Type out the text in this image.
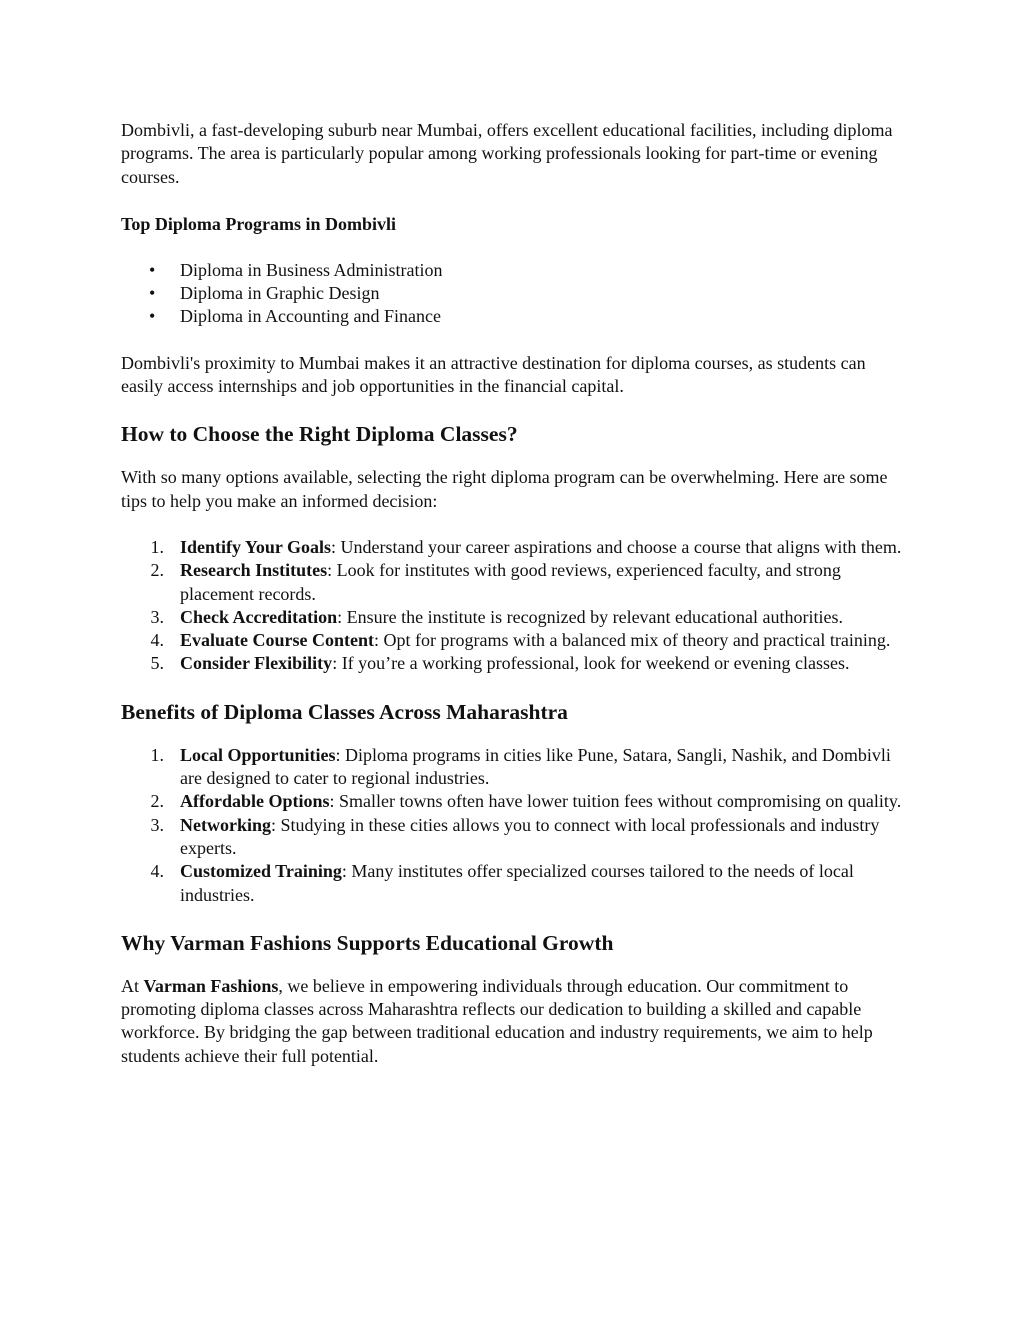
Dombivli, a fast-developing suburb near Mumbai, offers excellent educational facilities, including diploma programs. The area is particularly popular among working professionals looking for part-time or evening courses.

Top Diploma Programs in Dombivli

• Diploma in Business Administration
• Diploma in Graphic Design
• Diploma in Accounting and Finance

Dombivli's proximity to Mumbai makes it an attractive destination for diploma courses, as students can easily access internships and job opportunities in the financial capital.

How to Choose the Right Diploma Classes?

With so many options available, selecting the right diploma program can be overwhelming. Here are some tips to help you make an informed decision:

1. Identify Your Goals: Understand your career aspirations and choose a course that aligns with them.
2. Research Institutes: Look for institutes with good reviews, experienced faculty, and strong placement records.
3. Check Accreditation: Ensure the institute is recognized by relevant educational authorities.
4. Evaluate Course Content: Opt for programs with a balanced mix of theory and practical training.
5. Consider Flexibility: If you’re a working professional, look for weekend or evening classes.
Benefits of Diploma Classes Across Maharashtra
1. Local Opportunities: Diploma programs in cities like Pune, Satara, Sangli, Nashik, and Dombivli are designed to cater to regional industries.
2. Affordable Options: Smaller towns often have lower tuition fees without compromising on quality.
3. Networking: Studying in these cities allows you to connect with local professionals and industry experts.
4. Customized Training: Many institutes offer specialized courses tailored to the needs of local industries.
Why Varman Fashions Supports Educational Growth

At Varman Fashions, we believe in empowering individuals through education. Our commitment to promoting diploma classes across Maharashtra reflects our dedication to building a skilled and capable workforce. By bridging the gap between traditional education and industry requirements, we aim to help students achieve their full potential.
